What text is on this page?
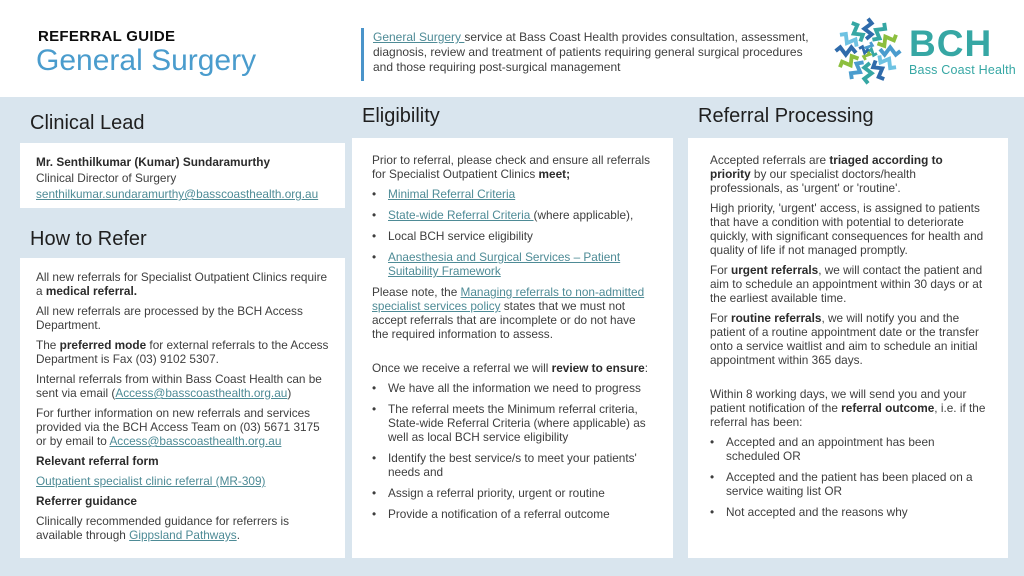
REFERRAL GUIDE
General Surgery
General Surgery service at Bass Coast Health provides consultation, assessment, diagnosis, review and treatment of patients requiring general surgical procedures and those requiring post-surgical management
BCH
Bass Coast Health
Clinical Lead
How to Refer
Eligibility	Referral Processing
Mr. Senthilkumar (Kumar) Sundaramurthy
Clinical Director of Surgery
senthilkumar.sundaramurthy@basscoasthealth.org.au
All new referrals for Specialist Outpatient Clinics require a medical referral.
All new referrals are processed by the BCH Access Department.
The preferred mode for external referrals to the Access Department is Fax (03) 9102 5307.
Internal referrals from within Bass Coast Health can be sent via email (Access@basscoasthealth.org.au)
For further information on new referrals and services provided via the BCH Access Team on (03) 5671 3175 or by email to Access@basscoasthealth.org.au
Relevant referral form
Outpatient specialist clinic referral (MR-309)
Referrer guidance
Clinically recommended guidance for referrers is available through Gippsland Pathways.
Prior to referral, please check and ensure all referrals for Specialist Outpatient Clinics meet;
•	Minimal Referral Criteria
•	State-wide Referral Criteria (where applicable),
•	Local BCH service eligibility
•	Anaesthesia and Surgical Services – Patient Suitability Framework
Please note, the Managing referrals to non-admitted specialist services policy states that we must not accept referrals that are incomplete or do not have the required information to assess.
Once we receive a referral we will review to ensure:
•	We have all the information we need to progress
•	The referral meets the Minimum referral criteria, State-wide Referral Criteria (where applicable) as well as local BCH service eligibility
•	Identify the best service/s to meet your patients' needs and
•	Assign a referral priority, urgent or routine
•	Provide a notification of a referral outcome
Accepted referrals are triaged according to priority by our specialist doctors/health professionals, as 'urgent' or 'routine'.
High priority, 'urgent' access, is assigned to patients that have a condition with potential to deteriorate quickly, with significant consequences for health and quality of life if not managed promptly.
For urgent referrals, we will contact the patient and aim to schedule an appointment within 30 days or at the earliest available time.
For routine referrals, we will notify you and the patient of a routine appointment date or the transfer onto a service waitlist and aim to schedule an initial appointment within 365 days.
Within 8 working days, we will send you and your patient notification of the referral outcome, i.e. if the referral has been:
•	Accepted and an appointment has been scheduled OR
•	Accepted and the patient has been placed on a service waiting list OR
•	Not accepted and the reasons why
